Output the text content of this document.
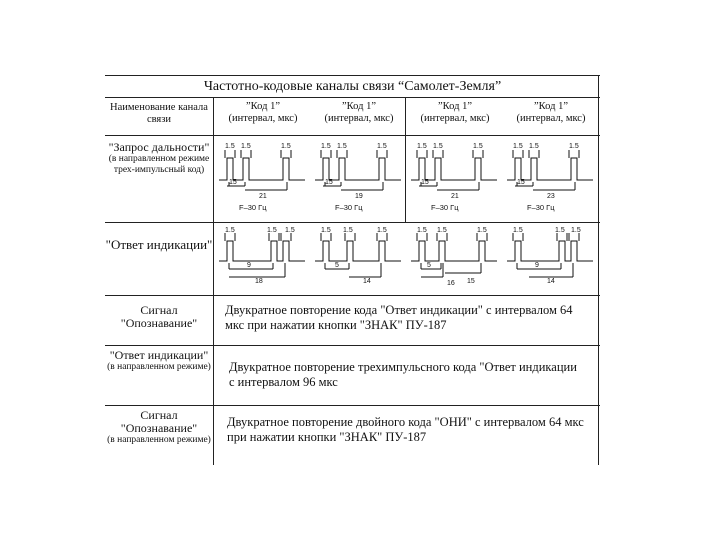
Частотно-кодовые каналы связи “Самолет-Земля”
Наименование канала связи
”Код 1”
(интервал, мкс)
”Код 1”
(интервал, мкс)
”Код 1”
(интервал, мкс)
”Код 1”
(интервал, мкс)
"Запрос дальности"
(в направленном режиме трех-импульсный код)
1.5 1.5	1.5
15
21
F–30 Гц
1.5 1.5	1.5
15
19
F–30 Гц
1.5 1.5	1.5
15
21
F–30 Гц
1.5 1.5	1.5
15
23
F–30 Гц
"Ответ индикации"
1.5	1.5 1.5
9
18
1.5 1.5	1.5
5
14
1.5 1.5	1.5
5
16 15
1.5	1.5 1.5
9
14
Сигнал "Опознавание"
Двукратное повторение кода "Ответ индикации" с интервалом 64 мкс при нажатии кнопки "ЗНАК" ПУ-187
"Ответ индикации"
(в направленном режиме) Двукратное повторение трехимпульсного кода "Ответ индикации с интервалом 96 мкс
Сигнал "Опознавание"
(в направленном режиме)
Двукратное повторение двойного кода "ОНИ" с интервалом 64 мкс при нажатии кнопки "ЗНАК" ПУ-187
